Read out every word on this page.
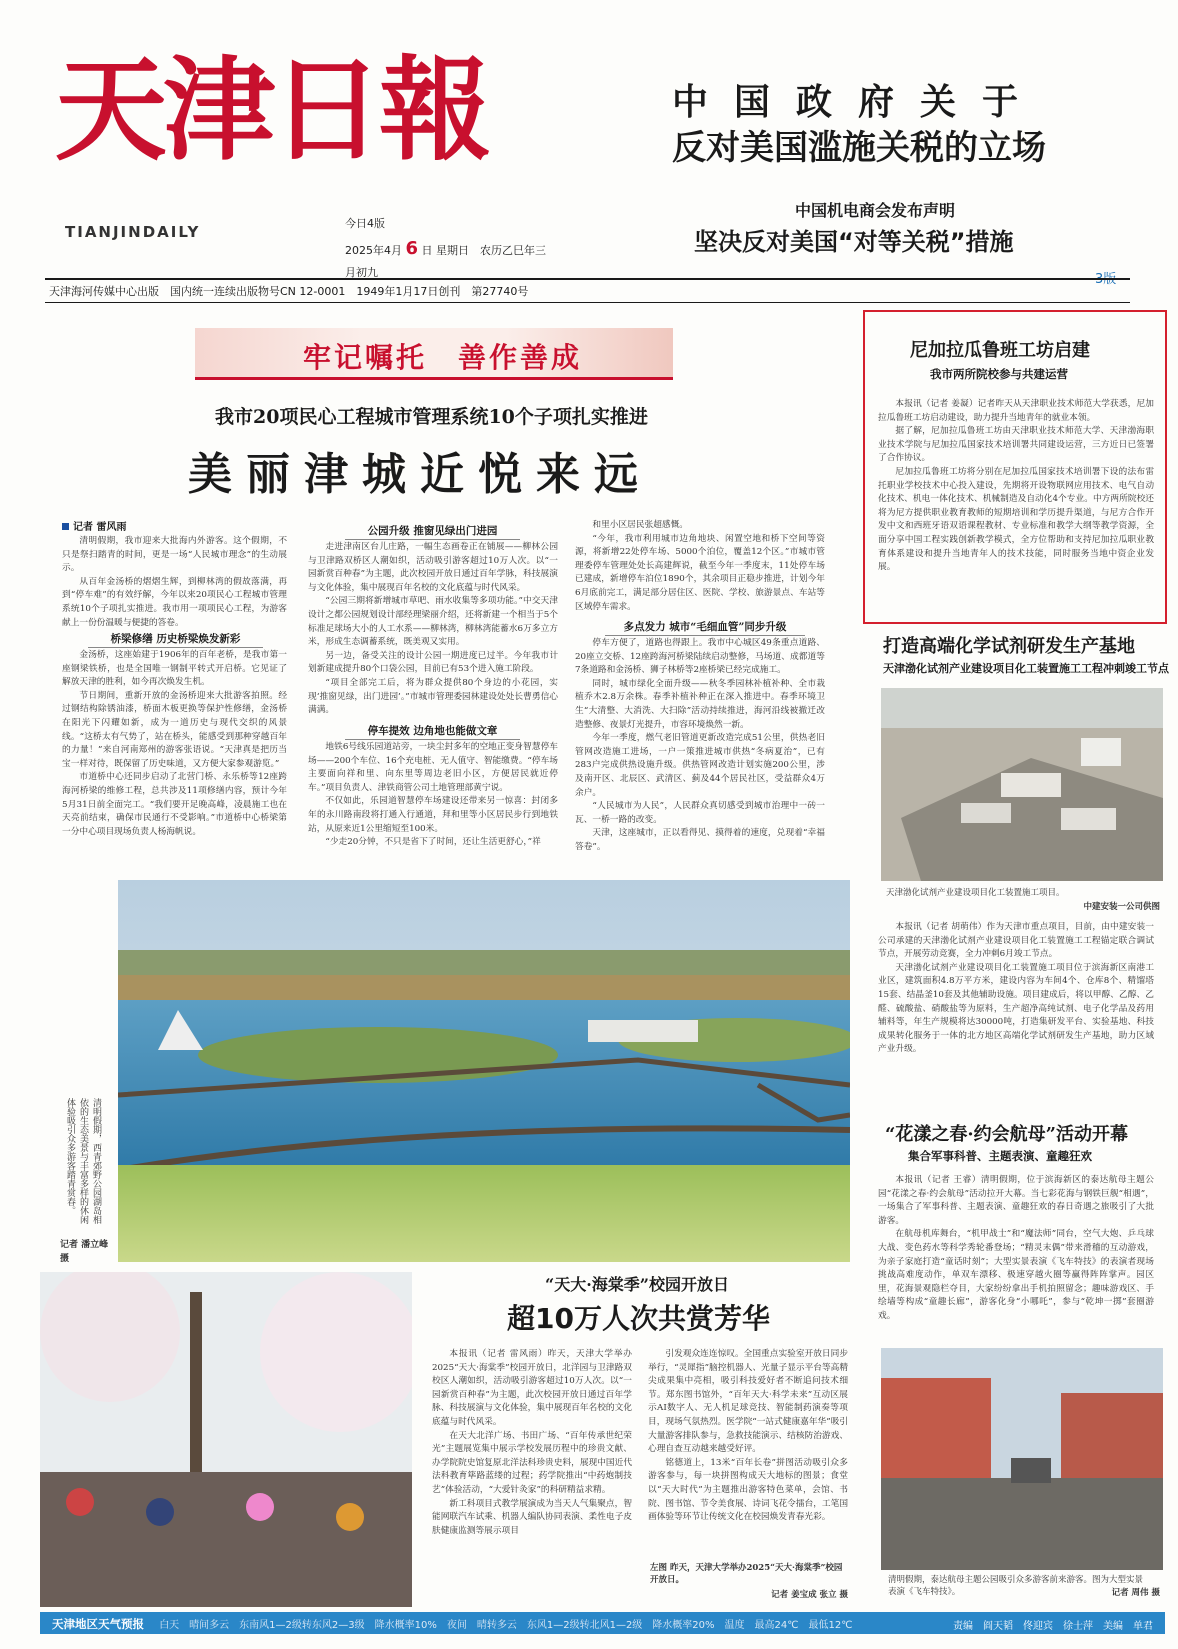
天津日報
TIANJINDAILY	今日4版
2025年4月 6 日 星期日　农历乙巳年三月初九
中国政府关于
反对美国滥施关税的立场
中国机电商会发布声明
坚决反对美国“对等关税”措施
3版
天津海河传媒中心出版　国内统一连续出版物号CN 12-0001　1949年1月17日创刊　第27740号
牢记嘱托　善作善成
我市20项民心工程城市管理系统10个子项扎实推进
美丽津城近悦来远
记者 雷风雨

清明假期，我市迎来大批海内外游客。这个假期，不只是祭扫踏青的时间，更是一场“人民城市理念”的生动展示。

从百年金汤桥的熠熠生辉，到柳林湾的假故落满，再到“停车难”的有效纾解，今年以来20项民心工程城市管理系统10个子项扎实推进。我市用一项项民心工程，为游客献上一份份温暖与便捷的答卷。

桥梁修缮 历史桥梁焕发新彩

金汤桥，这座始建于1906年的百年老桥，是我市第一座钢梁铁桥，也是全国唯一钢制平转式开启桥。它见证了解放天津的胜利，如今再次焕发生机。

节日期间，重新开放的金汤桥迎来大批游客拍照。经过钢结构除锈油漆，桥面木板更换等保护性修缮，金汤桥在阳光下闪耀如新，成为一道历史与现代交织的风景线。“这桥太有气势了，站在桥头，能感受到那种穿越百年的力量！”来自河南郑州的游客张语说。“天津真是把历当宝一样对待，既保留了历史味道，又方便大家参观游览。”

市道桥中心还同步启动了北营门桥、永乐桥等12座跨海河桥梁的维修工程，总共涉及11项修缮内容，预计今年5月31日前全面完工。“我们要开足晚高峰，凌晨施工也在天亮前结束，确保市民通行不受影响。”市道桥中心桥梁第一分中心项目现场负责人杨海帆说。

公园升级 推窗见绿出门进园

走进津南区台儿庄路，一幅生态画卷正在铺展——柳林公园与卫津路双桥区人潮如织，活动吸引游客超过10万人次。以“一园新赏百种春”为主题，此次校园开放日通过百年学脉，科技展演与文化体验，集中展现百年名校的文化底蕴与时代风采。

“公园三期将新增城市草吧、雨水收集等多项功能。”中交天津设计之都公园规划设计部经理梁丽介绍，还将新建一个相当于5个标准足球场大小的人工水系——柳林湾，柳林湾能蓄水6万多立方米，形成生态调蓄系统，既美观又实用。

另一边，备受关注的设计公园一期进度已过半。今年我市计划新建成提升80个口袋公园，目前已有53个进入施工阶段。

“项目全部完工后，将为群众提供80个身边的小花园，实现‘推窗见绿，出门进园’。”市城市管理委园林建设处处长曹勇信心满满。

停车提效 边角地也能做文章

地铁6号线乐园道站旁，一块尘封多年的空地正变身智慧停车场——200个车位、16个充电桩、无人值守、智能缴费。“停车场主要面向祥和里、向东里等周边老旧小区，方便居民就近停车。”项目负责人、津铁商管公司土地管理部黄宁说。

不仅如此，乐园道智慧停车场建设还带来另一惊喜：封闭多年的永川路南段将打通入行通道，拜和里等小区居民步行到地铁站，从原来近1公里缩短至100米。

“少走20分钟，不只是省下了时间，还让生活更舒心，”祥

和里小区居民张超感慨。

“今年，我市利用城市边角地块、闲置空地和桥下空间等资源，将新增22处停车场、5000个泊位，覆盖12个区。”市城市管理委停车管理处处长高建辉说，截至今年一季度末，11处停车场已建成，新增停车泊位1890个，其余项目正稳步推进，计划今年6月底前完工，满足部分居住区、医院、学校、旅游景点、车站等区域停车需求。

多点发力 城市“毛细血管”同步升级

停车方便了，道路也得跟上。我市中心城区49条重点道路、20座立交桥、12座跨海河桥梁陆续启动整修，马场道、成都道等7条道路和金汤桥、狮子林桥等2座桥梁已经完成施工。

同时，城市绿化全面升级——秋冬季园林补植补种、全市栽植乔木2.8万余株。春季补植补种正在深入推进中。春季环境卫生“大清整、大消洗、大扫除”活动持续推进，海河沿线被撤迁改造整修、夜景灯光提升，市容环境焕然一新。

今年一季度，燃气老旧管道更新改造完成51公里，供热老旧管网改造施工进场，一户一策推进城市供热“冬病夏治”，已有283户完成供热设施升级。供热管网改造计划实施200公里，涉及南开区、北辰区、武清区、蓟及44个居民社区，受益群众4万余户。

“人民城市为人民”，人民群众真切感受到城市治理中一砖一瓦、一桥一路的改变。

天津，这座城市，正以看得见、摸得着的速度，兑现着“幸福答卷”。

清明假期，西青郊野公园湖岛相依的生态美景与丰富多样的休闲体验吸引众多游客踏青赏春。
记者 潘立峰 摄
尼加拉瓜鲁班工坊启建
我市两所院校参与共建运营

本报讯（记者 姜凝）记者昨天从天津职业技术师范大学获悉，尼加拉瓜鲁班工坊启动建设，助力提升当地青年的就业本领。

据了解，尼加拉瓜鲁班工坊由天津职业技术师范大学、天津渤海职业技术学院与尼加拉瓜国家技术培训署共同建设运营，三方近日已签署了合作协议。

尼加拉瓜鲁班工坊将分别在尼加拉瓜国家技术培训署下设的法布雷托职业学校技术中心投入建设，先期将开设物联网应用技术、电气自动化技术、机电一体化技术、机械制造及自动化4个专业。中方两所院校还将为尼方提供职业教育教师的短期培训和学历提升渠道，与尼方合作开发中文和西班牙语双语课程教材、专业标准和教学大纲等教学资源，全面分享中国工程实践创新教学模式，全方位帮助和支持尼加拉瓜职业教育体系建设和提升当地青年人的技术技能，同时服务当地中资企业发展。

打造高端化学试剂研发生产基地
天津渤化试剂产业建设项目化工装置施工工程冲刺竣工节点
天津渤化试剂产业建设项目化工装置施工项目。
中建安装一公司供图

本报讯（记者 胡萌伟）作为天津市重点项目，目前，由中建安装一公司承建的天津渤化试剂产业建设项目化工装置施工工程锚定联合调试节点，开展劳动竞赛，全力冲刺6月竣工节点。

天津渤化试剂产业建设项目化工装置施工项目位于滨海新区南港工业区，建筑面积4.8万平方米，建设内容为车间4个、仓库8个、精馏塔15套、结晶釜10套及其他辅助设施。项目建成后，将以甲醇、乙醇、乙醛、硫酸盐、硝酸盐等为原料，生产超净高纯试剂、电子化学品及药用辅料等，年生产规模将达30000吨，打造集研发平台、实验基地、科技成果转化服务于一体的北方地区高端化学试剂研发生产基地，助力区域产业升级。

“花漾之春·约会航母”活动开幕
集合军事科普、主题表演、童趣狂欢

本报讯（记者 王睿）清明假期，位于滨海新区的泰达航母主题公园“花漾之春·约会航母”活动拉开大幕。当七彩花海与钢铁巨舰“相遇”，一场集合了军事科普、主题表演、童趣狂欢的春日奇遇之旅吸引了大批游客。

在航母机库舞台，“机甲战士”和“魔法师”同台，空气大炮、乒乓球大战、变色药水等科学秀轮番登场；“精灵末偶”带来滑稽的互动游戏，为亲子家庭打造“童话时刻”；大型实景表演《飞车特技》的表演者现场挑战高难度动作，单双车漂移、极速穿越火圈等赢得阵阵掌声。园区里，花海景观隐栏夺目，大家纷纷拿出手机拍照留念；趣味游戏区、手绘墙等构成“童趣长廊”，游客化身“小哪吒”，参与“乾坤一掷”套圈游戏。

清明假期，泰达航母主题公园吸引众多游客前来游客。图为大型实景表演《飞车特技》。	记者 周伟 摄
“天大·海棠季”校园开放日
超10万人次共赏芳华

本报讯（记者 雷风雨）昨天，天津大学举办2025“天大·海棠季”校园开放日，北洋园与卫津路双校区人潮如织，活动吸引游客超过10万人次。以“一园新赏百种春”为主题，此次校园开放日通过百年学脉、科技展演与文化体验，集中展现百年名校的文化底蕴与时代风采。

在天大北洋广场、书田广场、“百年传承世纪荣光”主题展览集中展示学校发展历程中的珍贵文献、办学院院史馆复原北洋法科珍贵史料，展现中国近代法科教育筚路蓝缕的过程；药学院推出“中药炮制技艺”体验活动，“大爱针灸家”的科研精益求精。

新工科项目式教学展演成为当天人气集聚点，智能网联汽车试乘、机器人编队协同表演、柔性电子皮肤健康监测等展示项目

引发观众连连惊叹。全国重点实验室开放日同步举行，“灵犀指”脑控机器人、光量子显示平台等高精尖成果集中亮相，吸引科技爱好者不断追问技术细节。郑东图书馆外，“百年天大·科学未来”互动区展示AI数字人、无人机足球竞技、智能制药演奏等项目，现场气氛热烈。医学院“一站式健康嘉年华”吸引大量游客排队参与，急救技能演示、结核防治游戏、心理自查互动越来越受好评。

铭德道上，13米“百年长卷”拼图活动吸引众多游客参与，每一块拼图构成天大地标的图景；食堂以“天大时代”为主题推出游客特色菜单，会馆、书院、图书馆、节令美食展、诗词飞花令擂台，工笔国画体验等环节让传统文化在校园焕发青春光彩。

左图 昨天，天津大学举办2025“天大·海棠季”校园开放日。
记者 姜宝成 张立 摄
天津地区天气预报 白天　晴间多云　东南风1—2级转东风2—3级　降水概率10%　夜间　晴转多云　东风1—2级转北风1—2级　降水概率20%　温度　最高24℃　最低12℃	责编　阎天韬　佟迎宾　徐士萍　美编　单君
